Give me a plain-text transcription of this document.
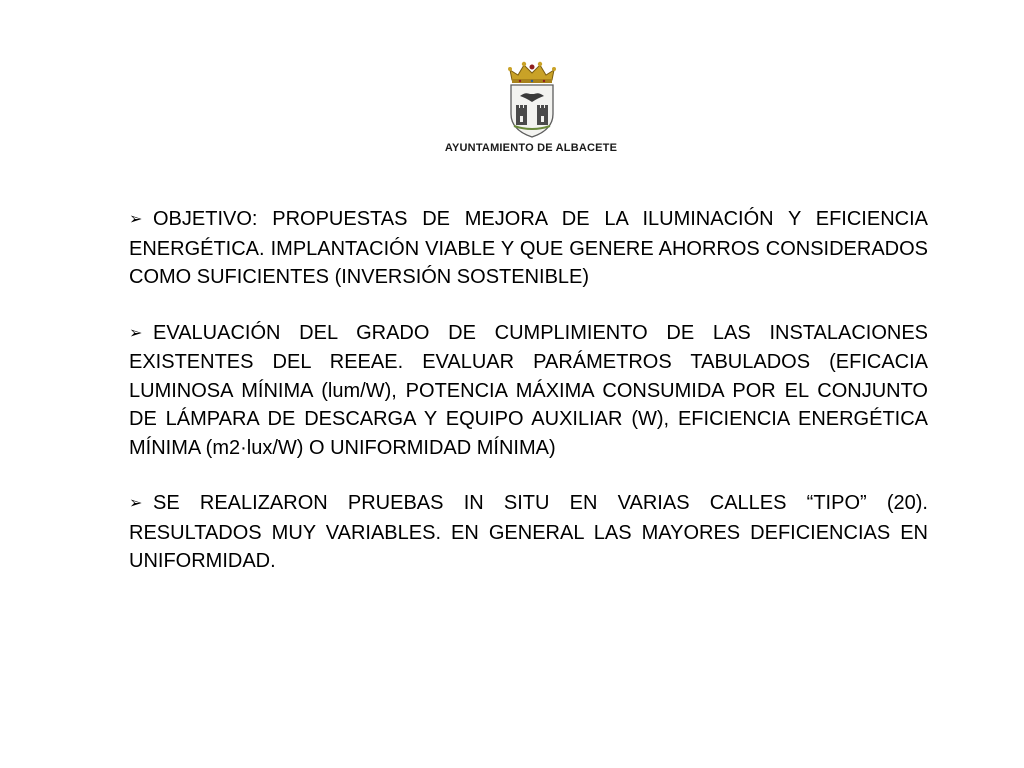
AYUNTAMIENTO DE ALBACETE

➢ OBJETIVO: PROPUESTAS DE MEJORA DE LA ILUMINACIÓN Y EFICIENCIA ENERGÉTICA. IMPLANTACIÓN VIABLE Y QUE GENERE AHORROS CONSIDERADOS COMO SUFICIENTES (INVERSIÓN SOSTENIBLE)

➢ EVALUACIÓN DEL GRADO DE CUMPLIMIENTO DE LAS INSTALACIONES EXISTENTES DEL REEAE. EVALUAR PARÁMETROS TABULADOS (EFICACIA LUMINOSA MÍNIMA (lum/W), POTENCIA MÁXIMA CONSUMIDA POR EL CONJUNTO DE LÁMPARA DE DESCARGA Y EQUIPO AUXILIAR (W), EFICIENCIA ENERGÉTICA MÍNIMA (m2·lux/W) O UNIFORMIDAD MÍNIMA)

➢ SE REALIZARON PRUEBAS IN SITU EN VARIAS CALLES “TIPO” (20). RESULTADOS MUY VARIABLES. EN GENERAL LAS MAYORES DEFICIENCIAS EN UNIFORMIDAD.
